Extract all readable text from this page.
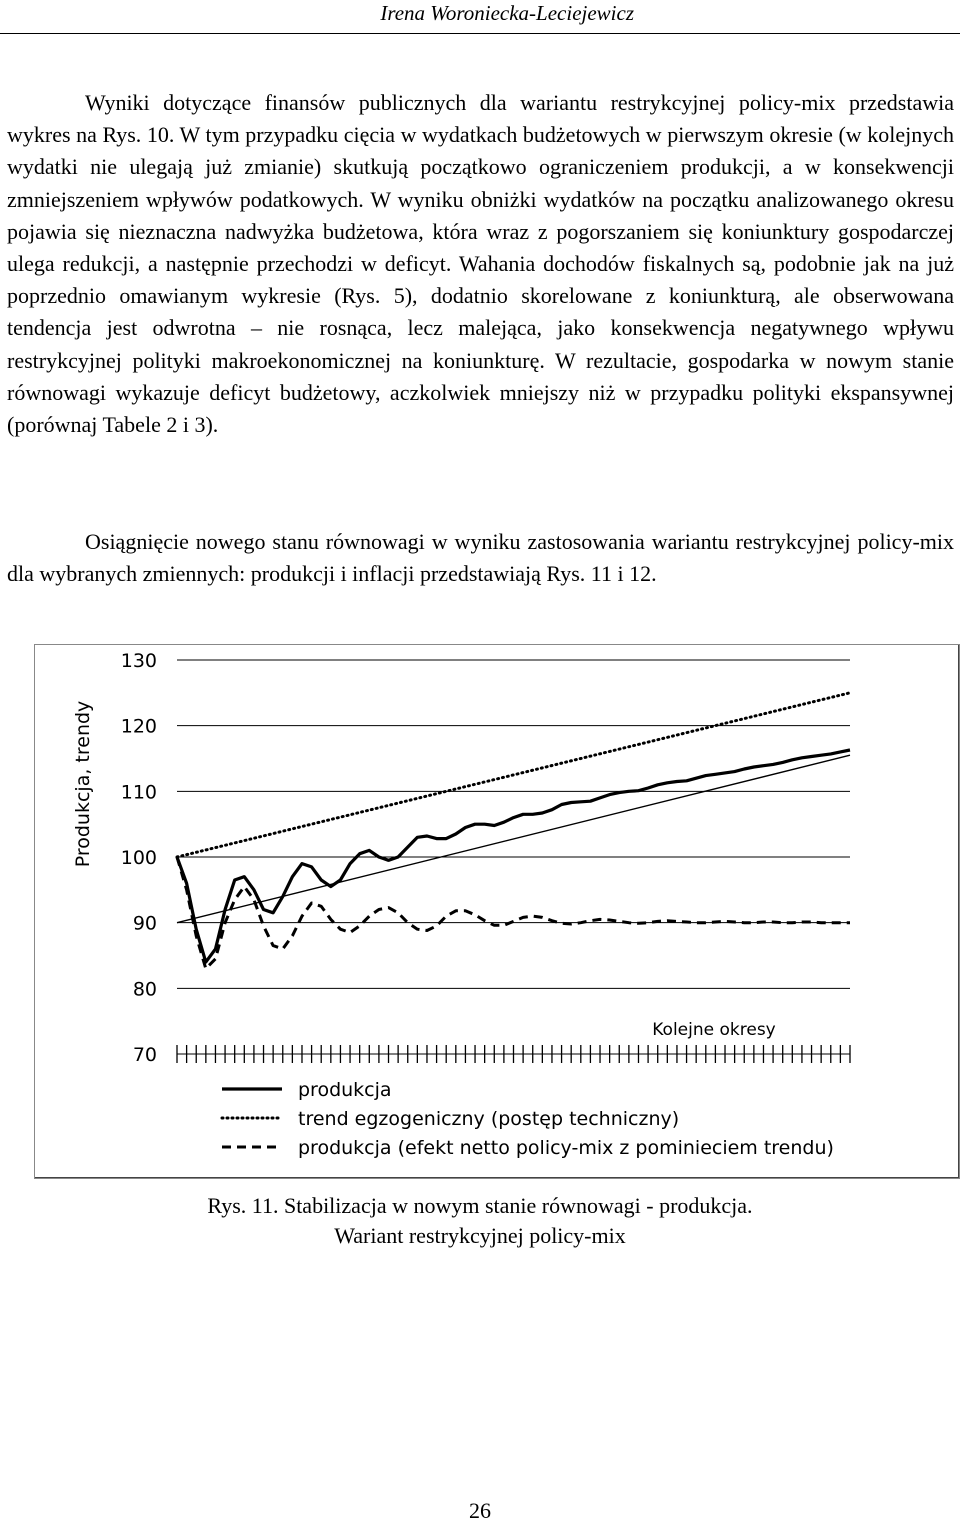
Irena Woroniecka-Leciejewicz

Wyniki dotyczące finansów publicznych dla wariantu restrykcyjnej policy-mix przedstawia wykres na Rys. 10. W tym przypadku cięcia w wydatkach budżetowych w pierwszym okresie (w kolejnych wydatki nie ulegają już zmianie) skutkują początkowo ograniczeniem produkcji, a w konsekwencji zmniejszeniem wpływów podatkowych. W wyniku obniżki wydatków na początku analizowanego okresu pojawia się nieznaczna nadwyżka budżetowa, która wraz z pogorszaniem się koniunktury gospodarczej ulega redukcji, a następnie przechodzi w deficyt. Wahania dochodów fiskalnych są, podobnie jak na już poprzednio omawianym wykresie (Rys. 5), dodatnio skorelowane z koniunkturą, ale obserwowana tendencja jest odwrotna – nie rosnąca, lecz malejąca, jako konsekwencja negatywnego wpływu restrykcyjnej polityki makroekonomicznej na koniunkturę. W rezultacie, gospodarka w nowym stanie równowagi wykazuje deficyt budżetowy, aczkolwiek mniejszy niż w przypadku polityki ekspansywnej (porównaj Tabele 2 i 3).

Osiągnięcie nowego stanu równowagi w wyniku zastosowania wariantu restrykcyjnej policy-mix dla wybranych zmiennych: produkcji i inflacji przedstawiają Rys. 11 i 12.

70
80
90
100
110
120
130
Produkcja, trendy
Kolejne okresy
produkcja
trend egzogeniczny (postęp techniczny)
produkcja (efekt netto policy-mix z pominieciem trendu)
Rys. 11. Stabilizacja w nowym stanie równowagi - produkcja.
Wariant restrykcyjnej policy-mix
26
